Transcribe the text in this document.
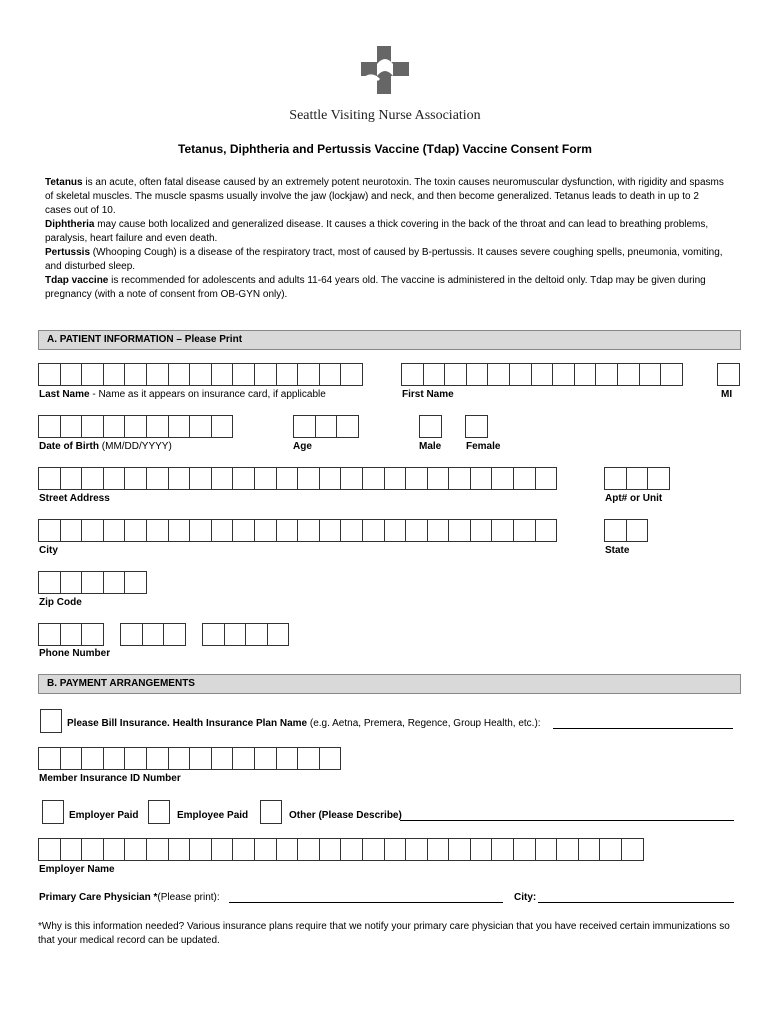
Seattle Visiting Nurse Association
Tetanus, Diphtheria and Pertussis Vaccine (Tdap) Vaccine Consent Form

Tetanus is an acute, often fatal disease caused by an extremely potent neurotoxin. The toxin causes neuromuscular dysfunction, with rigidity and spasms of skeletal muscles. The muscle spasms usually involve the jaw (lockjaw) and neck, and then become generalized. Tetanus leads to death in up to 2 cases out of 10.

Diphtheria may cause both localized and generalized disease. It causes a thick covering in the back of the throat and can lead to breathing problems, paralysis, heart failure and even death.

Pertussis (Whooping Cough) is a disease of the respiratory tract, most of caused by B-pertussis. It causes severe coughing spells, pneumonia, vomiting, and disturbed sleep.

Tdap vaccine is recommended for adolescents and adults 11-64 years old. The vaccine is administered in the deltoid only. Tdap may be given during pregnancy (with a note of consent from OB-GYN only).

A. PATIENT INFORMATION – Please Print
Last Name - Name as it appears on insurance card, if applicable	First Name	MI
Date of Birth (MM/DD/YYYY)	Age	Male Female
Street Address	Apt# or Unit
City	State
Zip Code
Phone Number
B. PAYMENT ARRANGEMENTS
Please Bill Insurance. Health Insurance Plan Name (e.g. Aetna, Premera, Regence, Group Health, etc.):
Member Insurance ID Number
Employer Paid	Employee Paid	Other (Please Describe)
Employer Name
Primary Care Physician *(Please print):	City:
*Why is this information needed? Various insurance plans require that we notify your primary care physician that you have received certain immunizations so that your medical record can be updated.
